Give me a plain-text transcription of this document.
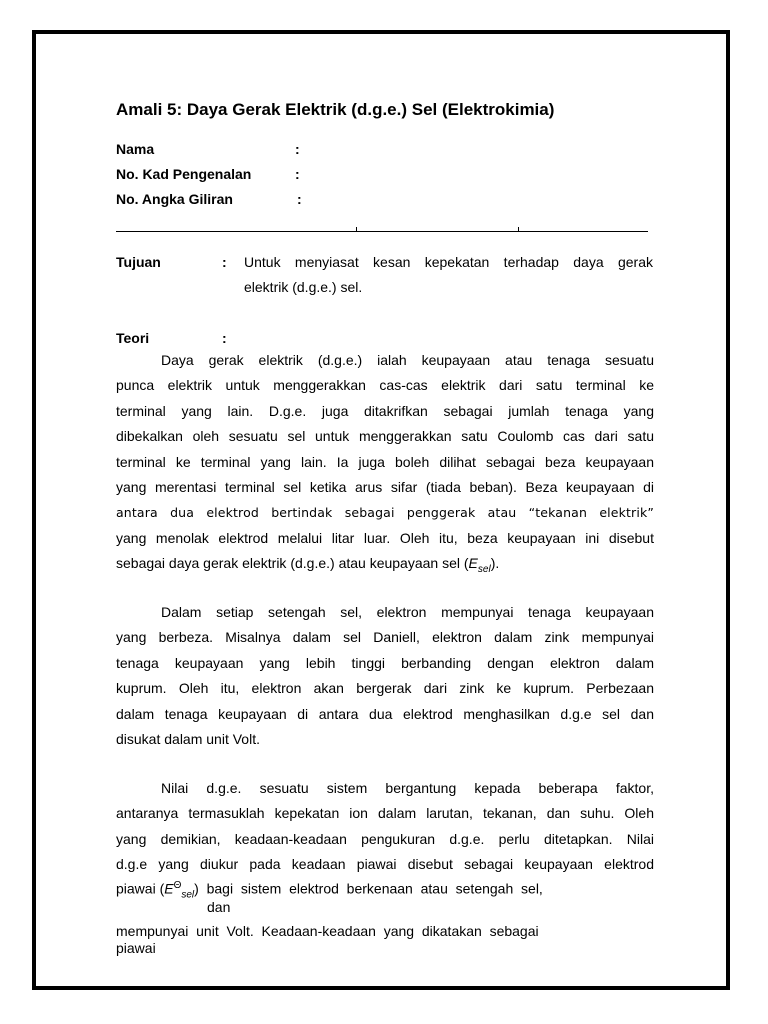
Amali 5: Daya Gerak Elektrik (d.g.e.) Sel (Elektrokimia)
Nama	:
No. Kad Pengenalan	:
No. Angka Giliran	:
Tujuan	: Untuk menyiasat kesan kepekatan terhadap daya gerak
elektrik (d.g.e.) sel.
Teori	:
Daya gerak elektrik (d.g.e.) ialah keupayaan atau tenaga sesuatu
punca elektrik untuk menggerakkan cas-cas elektrik dari satu terminal ke
terminal yang lain. D.g.e. juga ditakrifkan sebagai jumlah tenaga yang
dibekalkan oleh sesuatu sel untuk menggerakkan satu Coulomb cas dari satu
terminal ke terminal yang lain. Ia juga boleh dilihat sebagai beza keupayaan
yang merentasi terminal sel ketika arus sifar (tiada beban). Beza keupayaan di
antara dua elektrod bertindak sebagai penggerak atau “tekanan elektrik”
yang menolak elektrod melalui litar luar. Oleh itu, beza keupayaan ini disebut
sebagai daya gerak elektrik (d.g.e.) atau keupayaan sel $(E_{sel})$.
Dalam setiap setengah sel, elektron mempunyai tenaga keupayaan
yang berbeza. Misalnya dalam sel Daniell, elektron dalam zink mempunyai
tenaga keupayaan yang lebih tinggi berbanding dengan elektron dalam
kuprum. Oleh itu, elektron akan bergerak dari zink ke kuprum. Perbezaan
dalam tenaga keupayaan di antara dua elektrod menghasilkan d.g.e sel dan
disukat dalam unit Volt.
Nilai d.g.e. sesuatu sistem bergantung kepada beberapa faktor,
antaranya termasuklah kepekatan ion dalam larutan, tekanan, dan suhu. Oleh
yang demikian, keadaan-keadaan pengukuran d.g.e. perlu ditetapkan. Nilai
d.g.e yang diukur pada keadaan piawai disebut sebagai keupayaan elektrod
piawai $(E^\Theta_{sel})$  bagi  sistem  elektrod  berkenaan  atau  setengah  sel,
dan
mempunyai  unit  Volt.  Keadaan-keadaan  yang  dikatakan  sebagai
piawai
